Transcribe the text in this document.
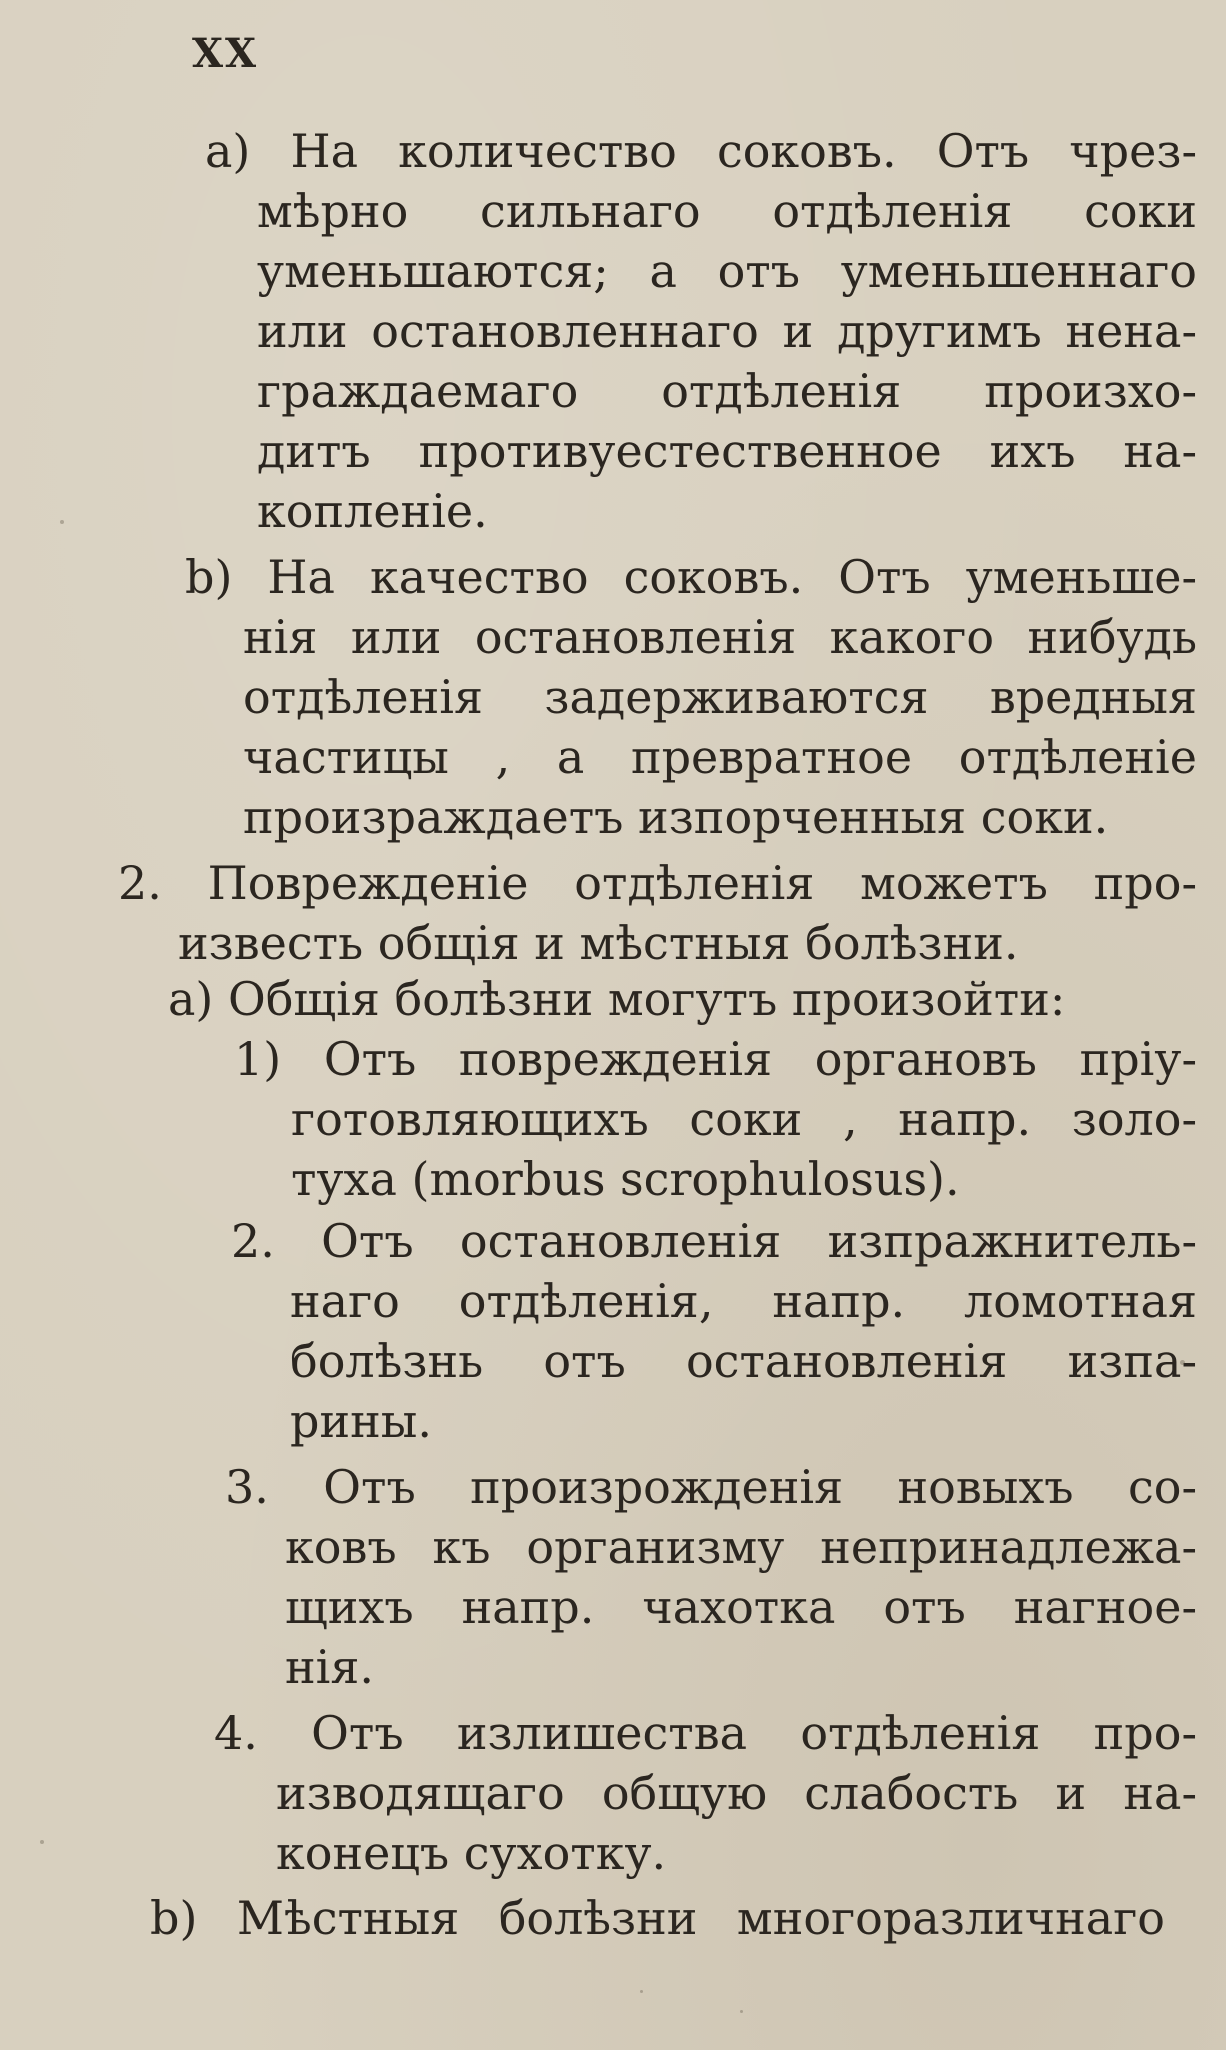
XX
a) На количество соковъ. Отъ чрез-
мѣрно сильнаго отдѣленія соки
уменьшаются; а отъ уменьшеннаго
или остановленнаго и другимъ нена-
граждаемаго отдѣленія произхо-
дитъ противуестественное ихъ на-
копленіе.
b) На качество соковъ. Отъ уменьше-
нія или остановленія какого нибудь
отдѣленія задерживаются вредныя
частицы , а превратное отдѣленіе
произраждаетъ изпорченныя соки.
2. Поврежденіе отдѣленія можетъ про-
известь общія и мѣстныя болѣзни.
a) Общія болѣзни могутъ произойти:
1) Отъ поврежденія органовъ пріу-
готовляющихъ соки , напр. золо-
туха (morbus scrophulosus).
2. Отъ остановленія изпражнитель-
наго отдѣленія, напр. ломотная
болѣзнь отъ остановленія изпа-
рины.
3. Отъ произрожденія новыхъ со-
ковъ къ организму непринадлежа-
щихъ напр. чахотка отъ нагное-
нія.
4. Отъ излишества отдѣленія про-
изводящаго общую слабость и на-
конецъ сухотку.
b) Мѣстныя болѣзни многоразличнаго
